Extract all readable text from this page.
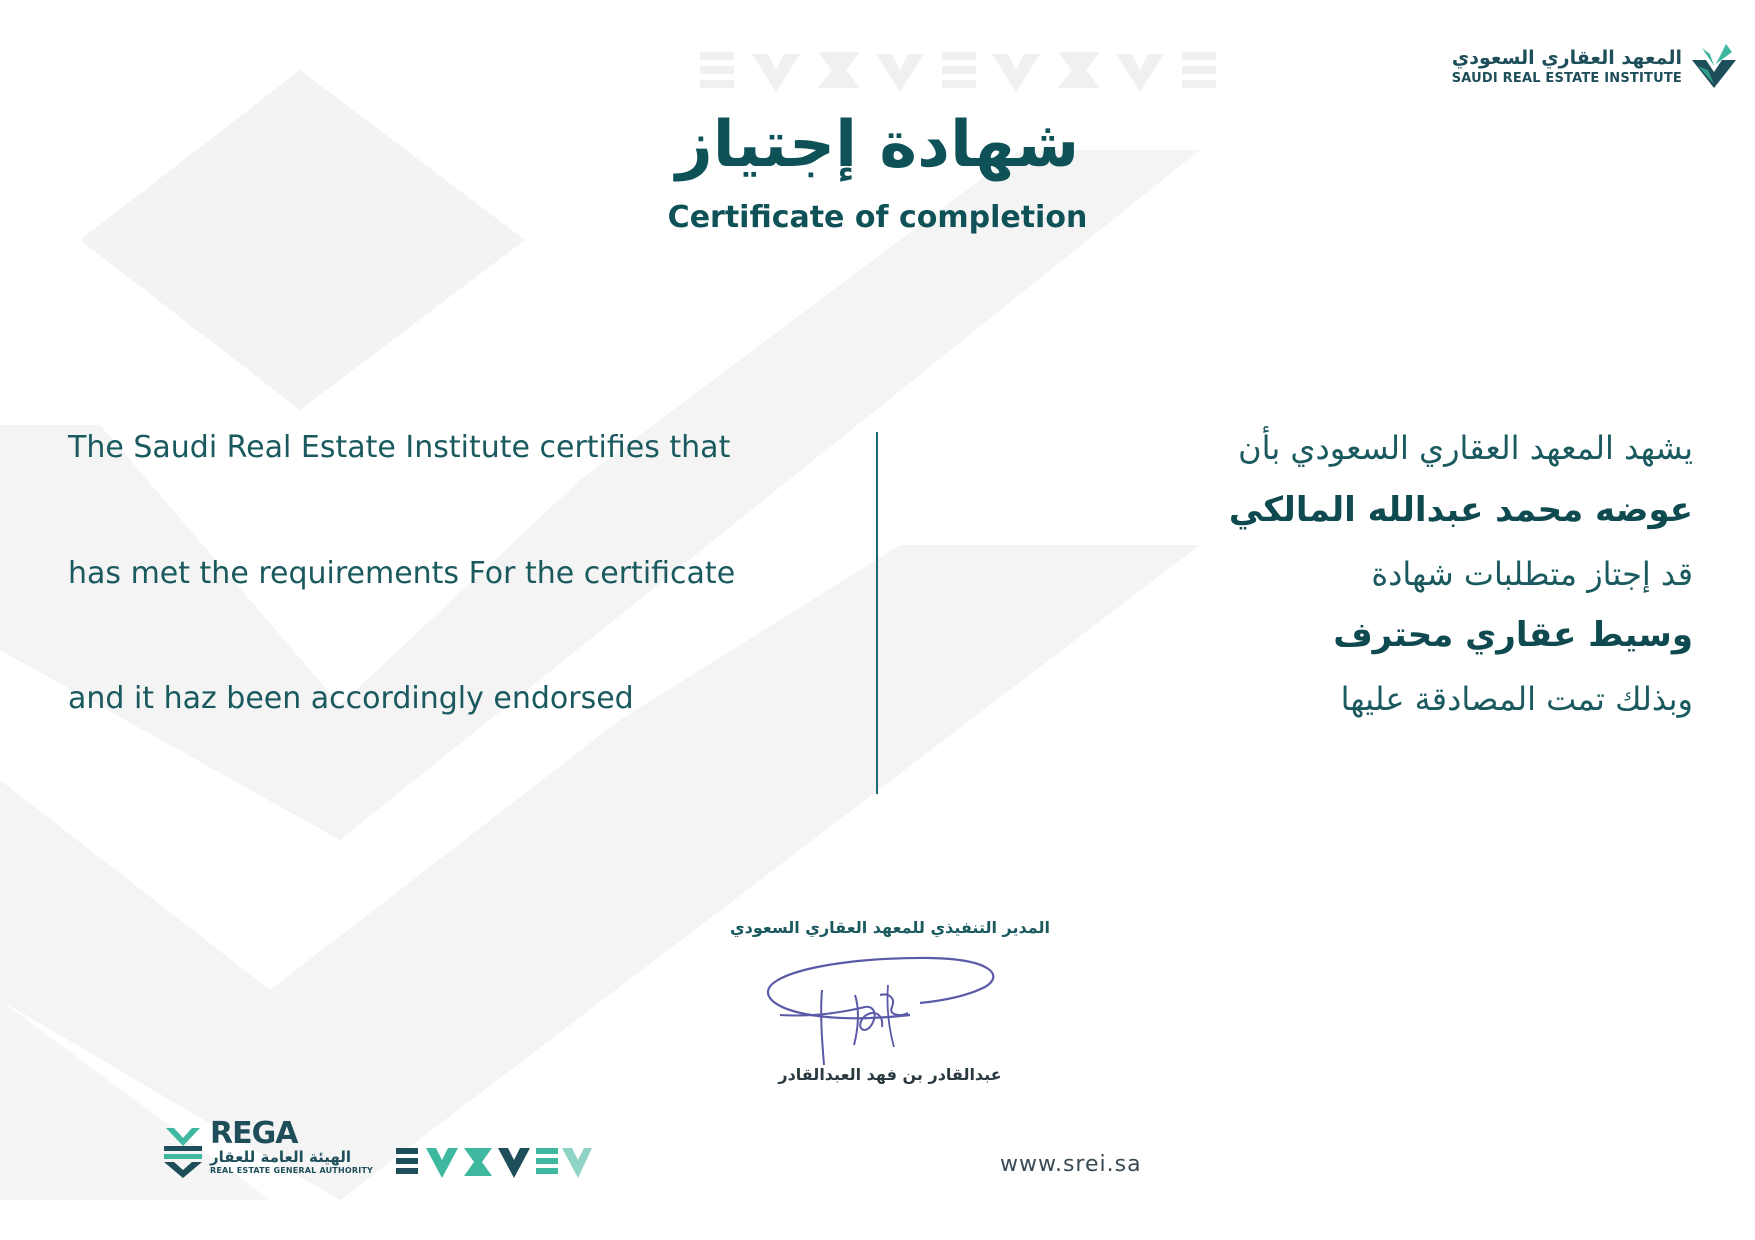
المعهد العقاري السعودي
SAUDI REAL ESTATE INSTITUTE
شهادة إجتياز
Certificate of completion
The Saudi Real Estate Institute certifies that
has met the requirements For the certificate
and it haz been accordingly endorsed
يشهد المعهد العقاري السعودي بأن
عوضه محمد عبدالله المالكي
قد إجتاز متطلبات شهادة
وسيط عقاري محترف
وبذلك تمت المصادقة عليها
المدير التنفيذي للمعهد العقاري السعودي
عبدالقادر بن فهد العبدالقادر
REGA
الهيئة العامة للعقار
REAL ESTATE GENERAL AUTHORITY	www.srei.sa
